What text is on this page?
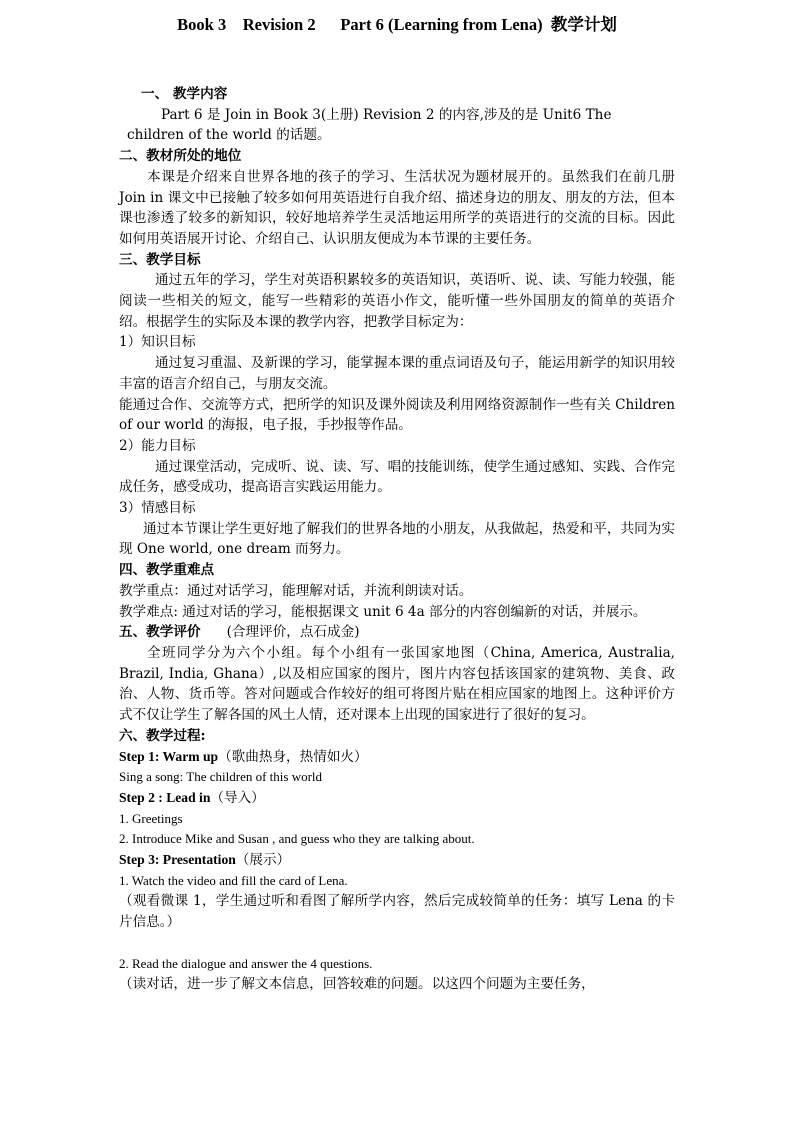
Book 3    Revision 2      Part 6 (Learning from Lena)  教学计划

一、 教学内容

Part 6 是 Join in Book 3(上册) Revision 2 的内容,涉及的是 Unit6 The

children of the world 的话题。

二、教材所处的地位

本课是介绍来自世界各地的孩子的学习、生活状况为题材展开的。虽然我们在前几册 Join in 课文中已接触了较多如何用英语进行自我介绍、描述身边的朋友、朋友的方法，但本课也渗透了较多的新知识，较好地培养学生灵活地运用所学的英语进行的交流的目标。因此如何用英语展开讨论、介绍自己、认识朋友便成为本节课的主要任务。

三、教学目标

通过五年的学习，学生对英语积累较多的英语知识，英语听、说、读、写能力较强，能阅读一些相关的短文，能写一些精彩的英语小作文，能听懂一些外国朋友的简单的英语介绍。根据学生的实际及本课的教学内容，把教学目标定为：

1）知识目标

通过复习重温、及新课的学习，能掌握本课的重点词语及句子，能运用新学的知识用较丰富的语言介绍自己，与朋友交流。

能通过合作、交流等方式，把所学的知识及课外阅读及利用网络资源制作一些有关 Children of our world 的海报，电子报，手抄报等作品。

2）能力目标

通过课堂活动，完成听、说、读、写、唱的技能训练，使学生通过感知、实践、合作完成任务，感受成功，提高语言实践运用能力。

3）情感目标

通过本节课让学生更好地了解我们的世界各地的小朋友，从我做起，热爱和平，共同为实现 One world, one dream 而努力。

四、教学重难点

教学重点：通过对话学习，能理解对话，并流利朗读对话。

教学难点: 通过对话的学习，能根据课文 unit 6 4a 部分的内容创编新的对话，并展示。

五、教学评价 (合理评价，点石成金)

全班同学分为六个小组。每个小组有一张国家地图（China, America, Australia, Brazil, India, Ghana）,以及相应国家的图片，图片内容包括该国家的建筑物、美食、政治、人物、货币等。答对问题或合作较好的组可将图片贴在相应国家的地图上。这种评价方式不仅让学生了解各国的风土人情，还对课本上出现的国家进行了很好的复习。

六、教学过程:

Step 1: Warm up（歌曲热身，热情如火）

Sing a song: The children of this world

Step 2 : Lead in（导入）

1. Greetings

2. Introduce Mike and Susan , and guess who they are talking about.

Step 3: Presentation（展示）

1. Watch the video and fill the card of Lena.

（观看微课 1，学生通过听和看图了解所学内容，然后完成较简单的任务：填写 Lena 的卡片信息。）

2. Read the dialogue and answer the 4 questions.

（读对话，进一步了解文本信息，回答较难的问题。以这四个问题为主要任务，
